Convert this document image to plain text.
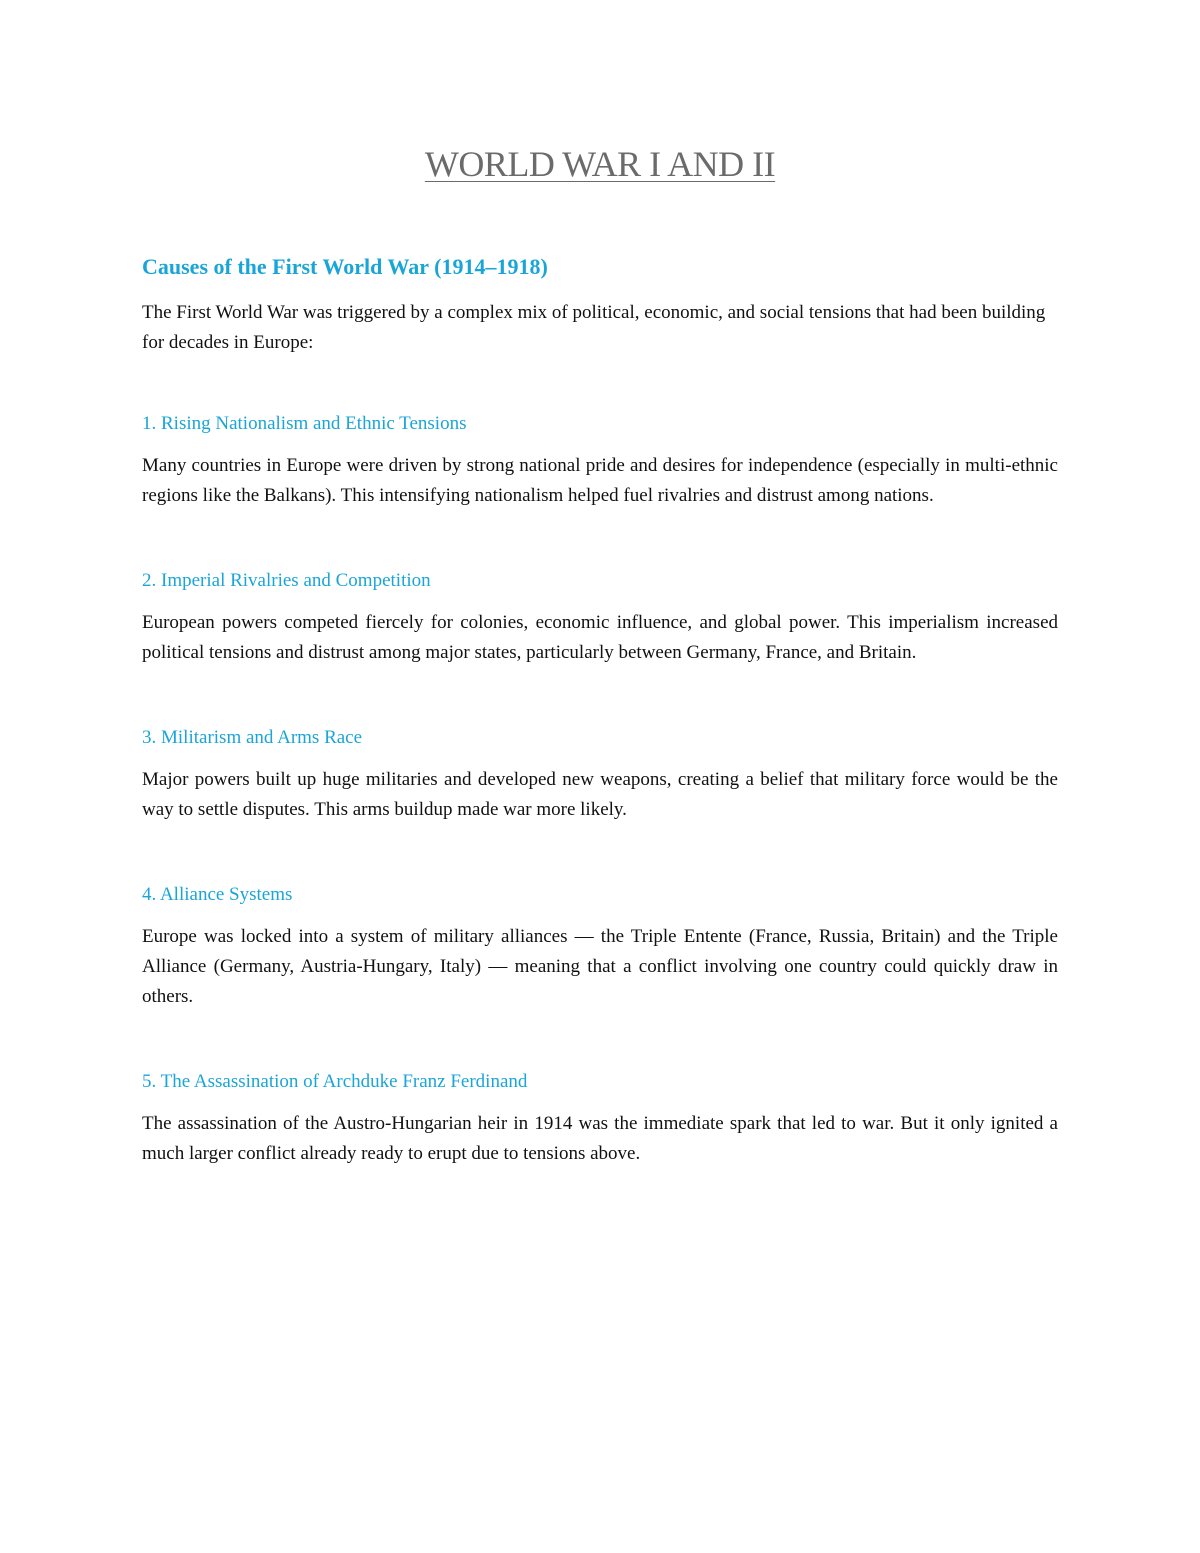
WORLD WAR I AND II
Causes of the First World War (1914–1918)

The First World War was triggered by a complex mix of political, economic, and social tensions that had been building for decades in Europe:

1. Rising Nationalism and Ethnic Tensions

Many countries in Europe were driven by strong national pride and desires for independence (especially in multi-ethnic regions like the Balkans). This intensifying nationalism helped fuel rivalries and distrust among nations.

2. Imperial Rivalries and Competition

European powers competed fiercely for colonies, economic influence, and global power. This imperialism increased political tensions and distrust among major states, particularly between Germany, France, and Britain.

3. Militarism and Arms Race

Major powers built up huge militaries and developed new weapons, creating a belief that military force would be the way to settle disputes. This arms buildup made war more likely.

4. Alliance Systems

Europe was locked into a system of military alliances — the Triple Entente (France, Russia, Britain) and the Triple Alliance (Germany, Austria-Hungary, Italy) — meaning that a conflict involving one country could quickly draw in others.

5. The Assassination of Archduke Franz Ferdinand

The assassination of the Austro-Hungarian heir in 1914 was the immediate spark that led to war. But it only ignited a much larger conflict already ready to erupt due to tensions above.
